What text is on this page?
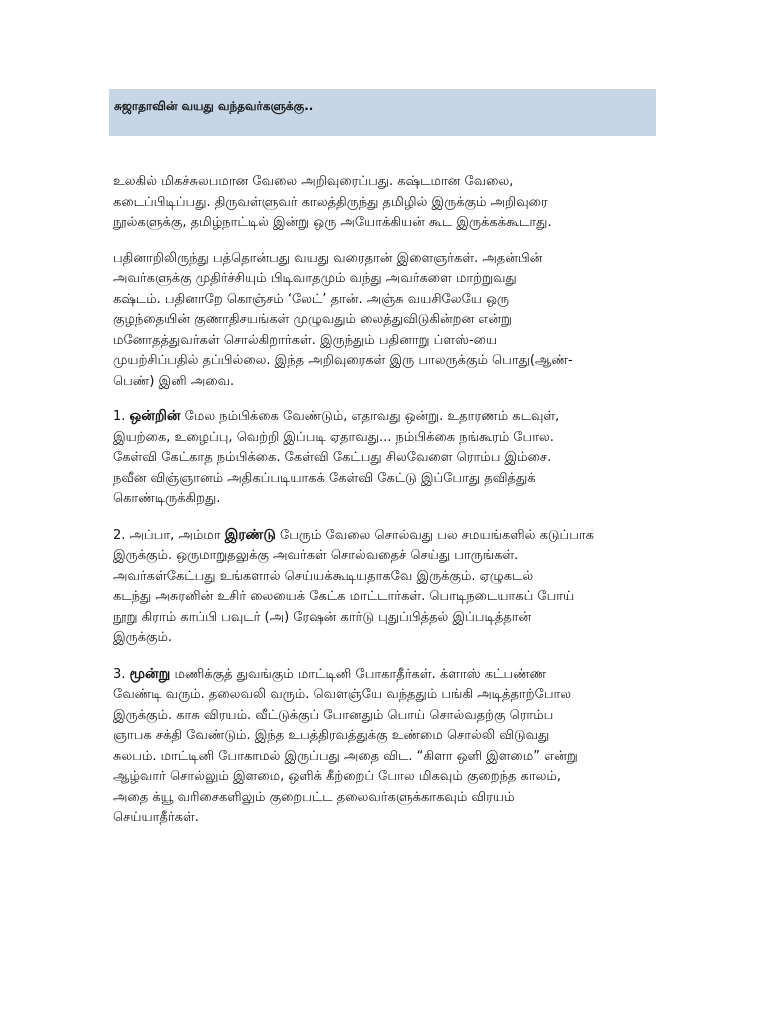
சுஜாதாவின் வயது வந்தவர்களுக்கு..
உலகில் மிகச்சுலபமான வேலை அறிவுரைப்பது. கஷ்டமான வேலை,
கடைப்பிடிப்பது. திருவள்ளுவர் காலத்திருந்து தமிழில் இருக்கும் அறிவுரை
நூல்களுக்கு, தமிழ்நாட்டில் இன்று ஒரு அயோக்கியன் கூட இருக்கக்கூடாது.
பதினாறிலிருந்து பத்தொன்பது வயது வரைதான் இளைஞர்கள். அதன்பின்
அவர்களுக்கு முதிர்ச்சியும் பிடிவாதமும் வந்து அவர்களை மாற்றுவது
கஷ்டம். பதினாறே கொஞ்சம் ‘லேட்’ தான். அஞ்சு வயசிலேயே ஒரு
குழந்தையின் குணாதிசயங்கள் முழுவதும் லைத்துவிடுகின்றன என்று
மனோதத்துவர்கள் சொல்கிறார்கள். இருந்தும் பதினாறு ப்ளஸ்-யை
முயற்சிப்பதில் தப்பில்லை. இந்த அறிவுரைகள் இரு பாலருக்கும் பொது(ஆண்-
பெண்) இனி அவை.
1. ஒன்றின் மேல நம்பிக்கை வேண்டும், எதாவது ஒன்று. உதாரணம் கடவுள்,
இயற்கை, உழைப்பு, வெற்றி இப்படி ஏதாவது... நம்பிக்கை நங்கூரம் போல.
கேள்வி கேட்காத நம்பிக்கை. கேள்வி கேட்பது சிலவேளை ரொம்ப இம்சை.
நவீன விஞ்ஞானம் அதிகப்படியாகக் கேள்வி கேட்டு இப்போது தவித்துக்
கொண்டிருக்கிறது.
2. அப்பா, அம்மா இரண்டு பேரும் வேலை சொல்வது பல சமயங்களில் கடுப்பாக
இருக்கும். ஒருமாறுதலுக்கு அவர்கள் சொல்வதைச் செய்து பாருங்கள்.
அவர்கள்கேட்பது உங்களால் செய்யக்கூடியதாகவே இருக்கும். ஏழுகடல்
கடந்து அசுரனின் உசிர் லையைக் கேட்க மாட்டார்கள். பொடிநடையாகப் போய்
நூறு கிராம் காப்பி பவுடர் (அ) ரேஷன் கார்டு புதுப்பித்தல் இப்படித்தான்
இருக்கும்.
3. மூன்று மணிக்குத் துவங்கும் மாட்டினி போகாதீர்கள். க்ளாஸ் கட்பண்ண
வேண்டி வரும். தலைவலி வரும். வௌஞ்யே வந்ததும் பங்கி அடித்தாற்போல
இருக்கும். காசு விரயம். வீட்டுக்குப் போனதும் பொய் சொல்வதற்கு ரொம்ப
ஞாபக சக்தி வேண்டும். இந்த உபத்திரவத்துக்கு உண்மை சொல்லி விடுவது
சுலபம். மாட்டினி போகாமல் இருப்பது அதை விட. “கிளா ஒளி இளமை” என்று
ஆழ்வார் சொல்லும் இளமை, ஒளிக் கீற்றைப் போல மிகவும் குறைந்த காலம்,
அதை க்யூ வரிசைகளிலும் குறைபட்ட தலைவர்களுக்காகவும் விரயம்
செய்யாதீர்கள்.
